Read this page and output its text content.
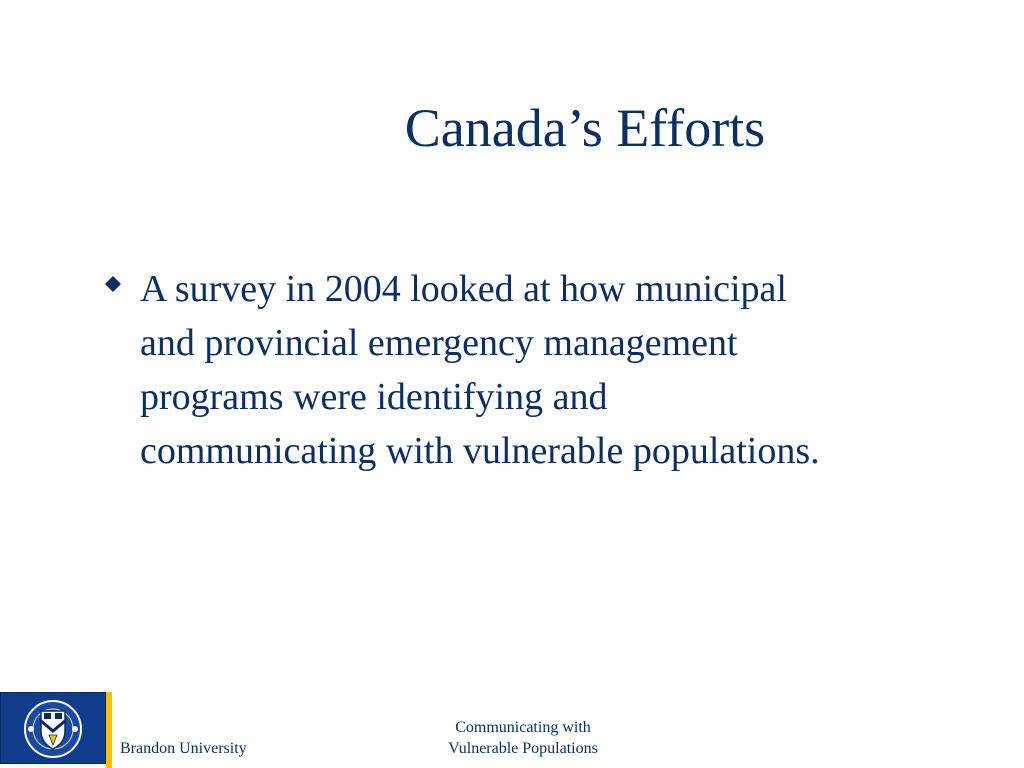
Canada’s Efforts
A survey in 2004 looked at how municipal
and provincial emergency management
programs were identifying and
communicating with vulnerable populations.
Brandon University
Communicating with
Vulnerable Populations
